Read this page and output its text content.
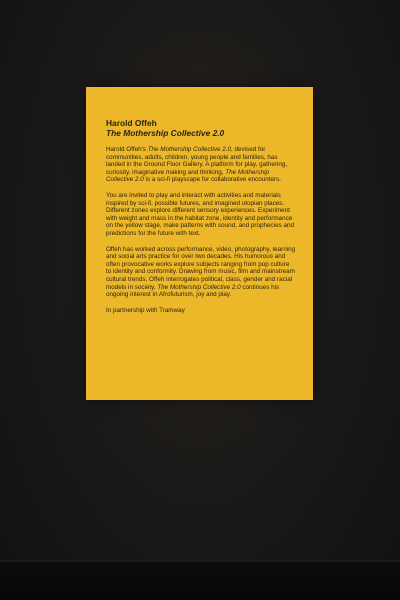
Harold Offeh

The Mothership Collective 2.0

Harold Offeh's The Mothership Collective 2.0, devised for communities, adults, children, young people and families, has landed in the Ground Floor Gallery. A platform for play, gathering, curiosity, imaginative making and thinking, The Mothership Collective 2.0 is a sci-fi playscape for collaborative encounters.

You are invited to play and interact with activities and materials inspired by sci-fi, possible futures, and imagined utopian places. Different zones explore different sensory experiences. Experiment with weight and mass in the habitat zone, identity and performance on the yellow stage, make patterns with sound, and prophecies and predictions for the future with text.

Offeh has worked across performance, video, photography, learning and social arts practice for over two decades. His humorous and often provocative works explore subjects ranging from pop culture to identity and conformity. Drawing from music, film and mainstream cultural trends, Offeh interrogates political, class, gender and racial models in society. The Mothership Collective 2.0 continues his ongoing interest in Afrofuturism, joy and play.

In partnership with Tramway
